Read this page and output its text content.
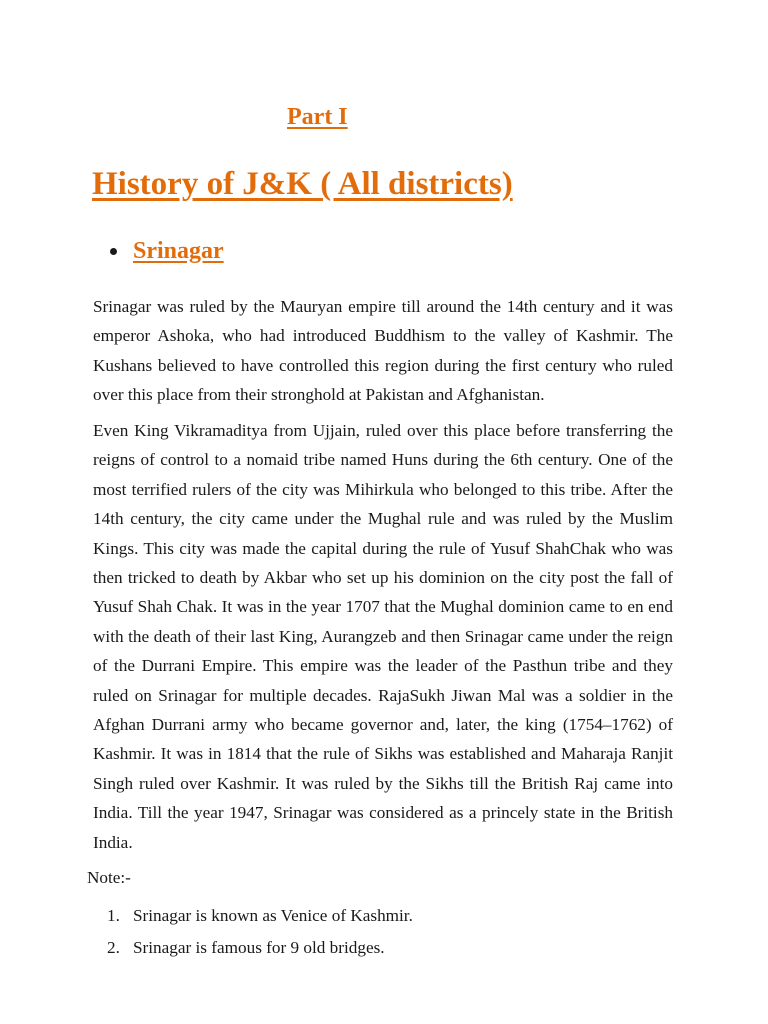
Part I
History of J&K ( All districts)
Srinagar

Srinagar was ruled by the Mauryan empire till around the 14th century and it was emperor Ashoka, who had introduced Buddhism to the valley of Kashmir. The Kushans believed to have controlled this region during the first century who ruled over this place from their stronghold at Pakistan and Afghanistan.

Even King Vikramaditya from Ujjain, ruled over this place before transferring the reigns of control to a nomaid tribe named Huns during the 6th century. One of the most terrified rulers of the city was Mihirkula who belonged to this tribe. After the 14th century, the city came under the Mughal rule and was ruled by the Muslim Kings. This city was made the capital during the rule of Yusuf ShahChak who was then tricked to death by Akbar who set up his dominion on the city post the fall of Yusuf Shah Chak. It was in the year 1707 that the Mughal dominion came to en end with the death of their last King, Aurangzeb and then Srinagar came under the reign of the Durrani Empire. This empire was the leader of the Pasthun tribe and they ruled on Srinagar for multiple decades. RajaSukh Jiwan Mal was a soldier in the Afghan Durrani army who became governor and, later, the king (1754–1762) of Kashmir. It was in 1814 that the rule of Sikhs was established and Maharaja Ranjit Singh ruled over Kashmir. It was ruled by the Sikhs till the British Raj came into India. Till the year 1947, Srinagar was considered as a princely state in the British India.

Note:-

1. Srinagar is known as Venice of Kashmir.
2. Srinagar is famous for 9 old bridges.
